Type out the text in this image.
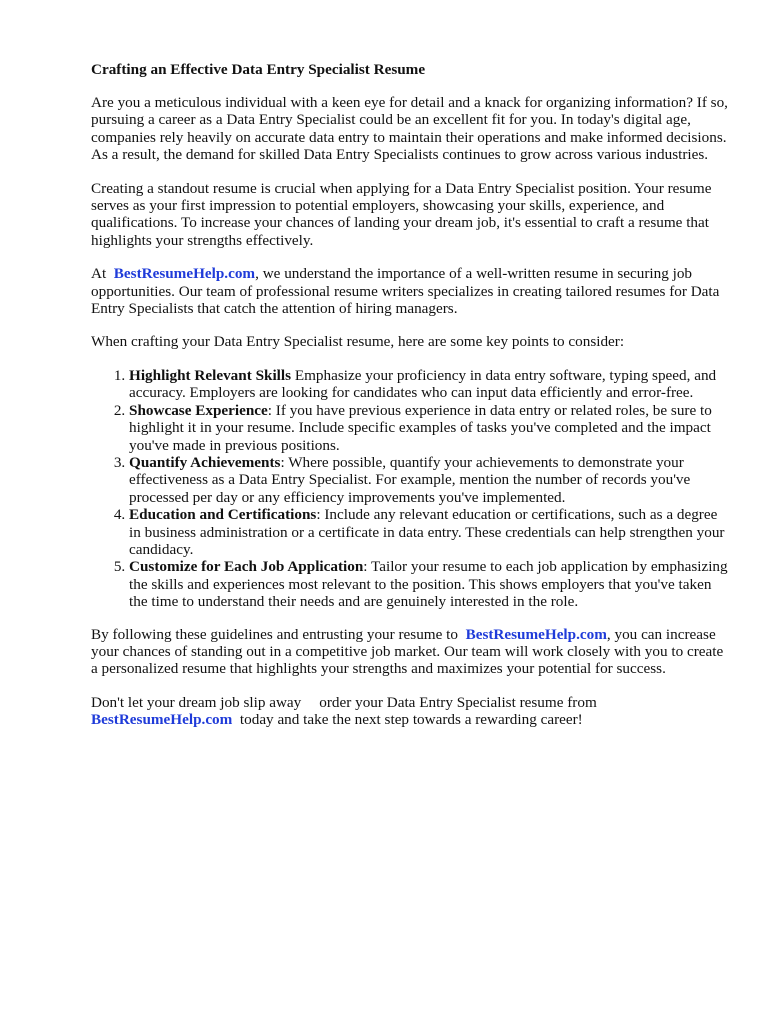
Crafting an Effective Data Entry Specialist Resume

Are you a meticulous individual with a keen eye for detail and a knack for organizing information? If so, pursuing a career as a Data Entry Specialist could be an excellent fit for you. In today's digital age, companies rely heavily on accurate data entry to maintain their operations and make informed decisions. As a result, the demand for skilled Data Entry Specialists continues to grow across various industries.

Creating a standout resume is crucial when applying for a Data Entry Specialist position. Your resume serves as your first impression to potential employers, showcasing your skills, experience, and qualifications. To increase your chances of landing your dream job, it's essential to craft a resume that highlights your strengths effectively.

At BestResumeHelp.com, we understand the importance of a well-written resume in securing job opportunities. Our team of professional resume writers specializes in creating tailored resumes for Data Entry Specialists that catch the attention of hiring managers.

When crafting your Data Entry Specialist resume, here are some key points to consider:

1. Highlight Relevant Skills Emphasize your proficiency in data entry software, typing speed, and accuracy. Employers are looking for candidates who can input data efficiently and error-free.
2. Showcase Experience: If you have previous experience in data entry or related roles, be sure to highlight it in your resume. Include specific examples of tasks you've completed and the impact you've made in previous positions.
3. Quantify Achievements: Where possible, quantify your achievements to demonstrate your effectiveness as a Data Entry Specialist. For example, mention the number of records you've processed per day or any efficiency improvements you've implemented.
4. Education and Certifications: Include any relevant education or certifications, such as a degree in business administration or a certificate in data entry. These credentials can help strengthen your candidacy.
5. Customize for Each Job Application: Tailor your resume to each job application by emphasizing the skills and experiences most relevant to the position. This shows employers that you've taken the time to understand their needs and are genuinely interested in the role.

By following these guidelines and entrusting your resume to BestResumeHelp.com, you can increase your chances of standing out in a competitive job market. Our team will work closely with you to create a personalized resume that highlights your strengths and maximizes your potential for success.

Don't let your dream job slip away order your Data Entry Specialist resume from
BestResumeHelp.com today and take the next step towards a rewarding career!
